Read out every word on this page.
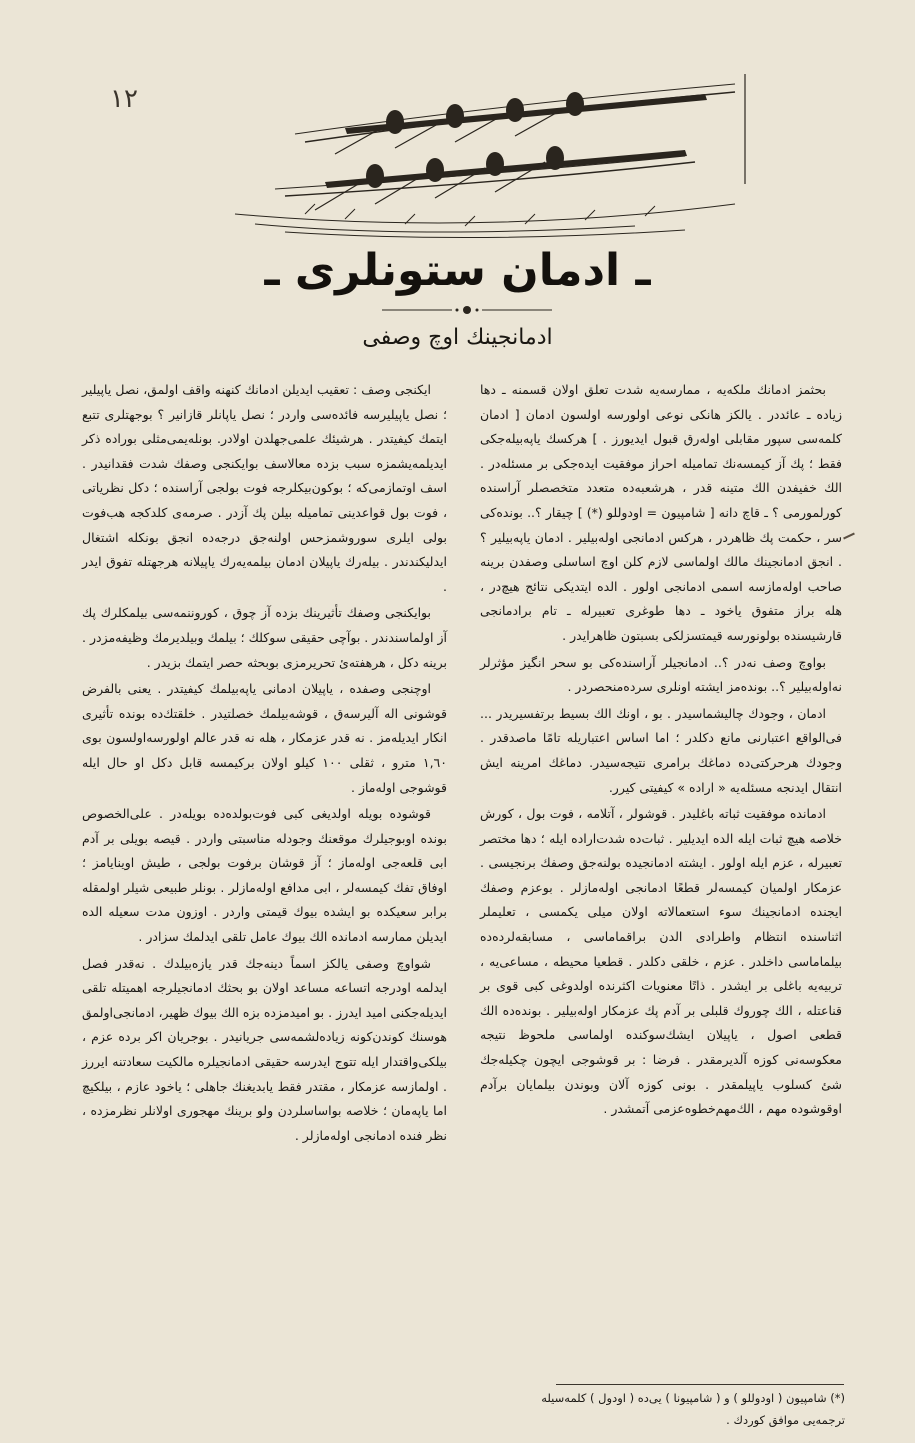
١٢
ـ ادمان ستونلری ـ
ادمانجينك اوچ وصفی

بحثمز ادمانك ملكه‌يه ، ممارسه‌يه شدت تعلق اولان قسمنه ـ دها زياده ـ عائددر . يالكز هانكی نوعی اولورسه اولسون ادمان [ ادمان كلمه‌سی سپور مقابلی اولەرق قبول ايديورز . ] هركسك ياپه‌بيله‌جكی فقط ؛ پك آز كيمسه‌نك تماميله احراز موفقيت ايده‌جكی بر مسئله‌در . الك خفيفدن الك متينه قدر ، هرشعبه‌ده متعدد متخصصلر آراسنده كورلمورمی ؟ ـ قاچ دانه [ شامپيون = اودوللو (*) ] چيقار ؟.. بونده‌كی سر ، حكمت پك ظاهردر ، هركس ادمانجی اولەبيلير . ادمان ياپه‌بيلير ؟ . انجق ادمانجينك مالك اولماسی لازم كلن اوچ اساسلی وصفدن برينه صاحب اولەمازسه اسمی ادمانجی اولور . الده ايتديكی نتائج هيچ‌در ، هله براز متفوق ياخود ـ دها طوغری تعبيرله ـ تام برادمانجی قارشيسنده بولونورسه قيمتسزلكی بسبتون ظاهرايدر .

بواوچ وصف نه‌در ؟.. ادمانجيلر آراسنده‌كی بو سحر انگيز مؤثرلر نه‌اوله‌بيلير ؟.. بوندەمز ايشته اونلری سرده‌منحصردر .

ادمان ، وجودك چاليشماسيدر . بو ، اونك الك بسيط برتفسيريدر ... فی‌الواقع اعتبارنی مانع دكلدر ؛ اما اساس اعتباريله تامًا ماصدقدر . وجودك هرحركتی‌ده دماغك برامری نتيجه‌سيدر. دماغك امرينه ايش انتقال ايدنجه مسئله‌يه « اراده » كيفيتی كيرر.

ادمانده موفقيت ثباته باغلیدر . قوشولر ، آتلامه ، فوت بول ، كورش خلاصه هيچ ثبات ايله الده ايديلير . ثبات‌ده شدت‌اراده ايله ؛ دها مختصر تعبيرله ، عزم ايله اولور . ايشته ادمانجيده بولنه‌جق وصفك برنجيسی . عزمكار اولميان كيمسه‌لر قطعًا ادمانجی اوله‌مازلر . بوعزم وصفك ايجنده ادمانجينك سوء استعمالاته اولان ميلی يكمسی ، تعليملر اثناسنده انتظام واطرادی الدن براقماماسی ، مسابقه‌لرده‌ده بيلماماسی داخلدر . عزم ، خلقی دكلدر . قطعيا محيطه ، مساعی‌يه ، تربيه‌يه باغلی بر ايشدر . ذاتًا معنويات اكثرنده اولدوغی كبی قوی بر قناعتله ، الك چوروك قلبلی بر آدم پك عزمكار اوله‌بيلير . بونده‌ده الك قطعی اصول ، ياپيلان ايشك‌سوكنده اولماسی ملحوظ نتيجه معكوسه‌نی كوزه آلديرمقدر . فرضا : بر قوشوجی ايچون چكيله‌جك شئ كسلوب ياپيلمقدر . بونی كوزه آلان وبوندن بيلمايان برآدم اوقوشوده مهم ، الك‌مهم‌خطوه‌عزمی آتمشدر .

ايكنجی وصف : تعقيب ايديلن ادمانك كنهنه واقف اولمق، نصل ياپيلير ؛ نصل ياپيليرسه فائده‌سی واردر ؛ نصل ياپانلر قازانير ؟ بوجهتلری تتبع ايتمك كيفيتدر . هرشيئك علمی‌جهلدن اولادر. بونلەيمی‌مثلی بوراده ذكر ايديلمه‌يشمزه سبب بزده معالاسف بوايكنجی وصفك شدت فقدانيدر . اسف اوتمازمی‌كه ؛ بوكون‌بيكلرجه فوت بولجی آراسنده ؛ دكل نظرياتی ، فوت بول قواعدينی تماميله بيلن پك آزدر . صرمه‌ی كلدكجه هب‌فوت بولی ايلری سوروشمزحس اولنه‌جق درجه‌ده انجق بونكله اشتغال ايدليكندندر . بيلەرك ياپيلان ادمان بيلمه‌يه‌رك ياپيلانه هرجهتله تفوق ايدر .

بوايكنجی وصفك تأثيرينك بزده آز چوق ، كوروننمه‌سی بيلمكلرك پك آز اولماسندندر . بوآچی حقيقی سوكلك ؛ بيلمك وبيلديرمك وظيفه‌مزدر . برينه دكل ، هرهفته‌ئ تحريرمزی بوبحثه حصر ايتمك بزيدر .

اوچنجی وصفده ، ياپيلان ادمانی ياپه‌بيلمك كيفيتدر . يعنی بالفرض قوشونی اله آليرسەق ، قوشه‌بيلمك خصلتيدر . خلقتك‌ده بونده تأثيری انكار ايديله‌مز . نه قدر عزمكار ، هله نه قدر عالم اولورسه‌اولسون بوی ١,٦٠ مترو ، ثقلی ١٠٠ كيلو اولان بركيمسه قابل دكل او حال ايله قوشوجی اوله‌ماز .

قوشوده بويله اولديغی كبی فوت‌بولده‌ده بويله‌در . علی‌الخصوص بونده اوبوجيلرك موقعنك وجودله مناسبتی واردر . قيصه بويلی بر آدم ابی قلعه‌جی اوله‌ماز ؛ آز قوشان برفوت بولجی ، طيش اوينايامز ؛ اوفاق تفك كيمسه‌لر ، ابی مدافع اوله‌مازلر . بونلر طبيعی شيلر اولمقله برابر سعيكده بو ايشده بيوك قيمتی واردر . اوزون مدت سعيله الده ايديلن ممارسه ادمانده الك بيوك عامل تلقی ايدلمك سزادر .

شواوچ وصفی يالكز اسما‌ً دينه‌جك قدر يازه‌بيلدك . نه‌قدر فصل ايدلمه اودرجه اتساعه مساعد اولان بو بحثك ادمانجيلرجه اهميتله تلقی ايديله‌جكنی اميد ايدرز . بو اميدمزده بزه الك بيوك ظهير، ادمانجی‌اولمق هوسنك كوندن‌كونه زياده‌لشمه‌سی جريانيدر . بوجريان اكر برده عزم ، بيلكی‌واقتدار ايله تتوج ايدرسه حقيقی ادمانجيلره مالكيت سعادتنه ايررز . اولمازسه عزمكار ، مقتدر فقط يابديغنك جاهلی ؛ ياخود عازم ، بيلكيچ اما ياپه‌مان ؛ خلاصه بواساسلردن ولو برينك مهجوری اولانلر نظرمزده ، نظر فنده ادمانجی اوله‌مازلر .

(*) شامپيون ( اودوللو ) و ( شامپيونا ) يی‌ده ( اودول ) كلمه‌سيله ترجمه‌يی موافق كوردك .
